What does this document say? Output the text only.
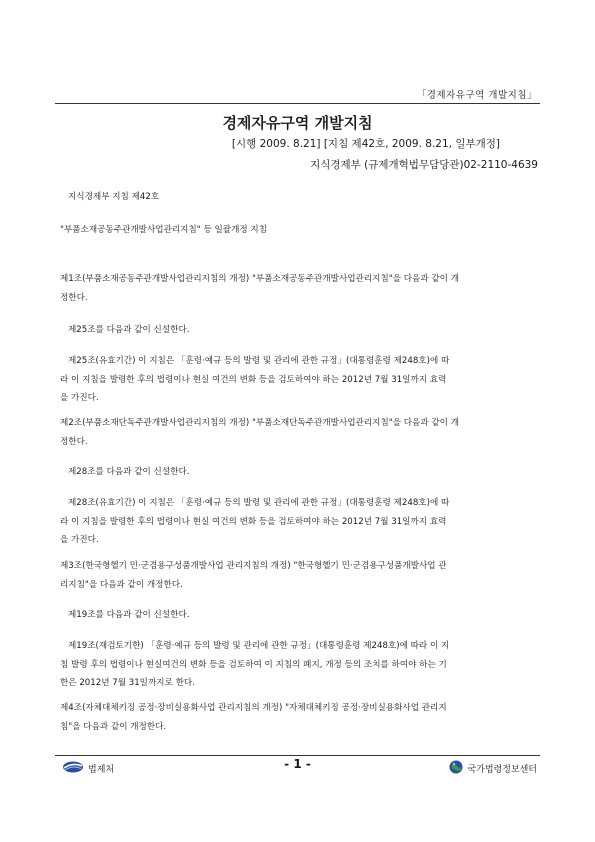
「경제자유구역 개발지침」
경제자유구역 개발지침
[시행 2009. 8.21] [지침 제42호, 2009. 8.21, 일부개정]
지식경제부 (규제개혁법무담당관)02-2110-4639

지식경제부 지침 제42호

"부품소재공동주관개발사업관리지침" 등 일괄개정 지침

제1조(부품소재공동주관개발사업관리지침의 개정) "부품소재공동주관개발사업관리지침"을 다음과 같이 개

정한다.

제25조를 다음과 같이 신설한다.

제25조(유효기간) 이 지침은 「훈령·예규 등의 발령 및 관리에 관한 규정」(대통령훈령 제248호)에 따

라 이 지침을 발령한 후의 법령이나 현실 여건의 변화 등을 검토하여야 하는 2012년 7월 31일까지 효력

을 가진다.

제2조(부품소재단독주관개발사업관리지침의 개정) "부품소재단독주관개발사업관리지침"을 다음과 같이 개

정한다.

제28조를 다음과 같이 신설한다.

제28조(유효기간) 이 지침은 「훈령·예규 등의 발령 및 관리에 관한 규정」(대통령훈령 제248호)에 따

라 이 지침을 발령한 후의 법령이나 현실 여건의 변화 등을 검토하여야 하는 2012년 7월 31일까지 효력

을 가진다.

제3조(한국형헬기 민·군겸용구성품개발사업 관리지침의 개정) "한국형헬기 민·군겸용구성품개발사업 관

리지침"을 다음과 같이 개정한다.

제19조를 다음과 같이 신설한다.

제19조(재검토기한) 「훈령·예규 등의 발령 및 관리에 관한 규정」(대통령훈령 제248호)에 따라 이 지

침 발령 후의 법령이나 현실여건의 변화 등을 검토하여 이 지침의 폐지, 개정 등의 조치를 하여야 하는 기

한은 2012년 7월 31일까지로 한다.

제4조(자체대체키징 공정·장비실용화사업 관리지침의 개정) "자체대체키징 공정·장비실용화사업 관리지

침"을 다음과 같이 개정한다.

법제처	- 1 -	국가법령정보센터
